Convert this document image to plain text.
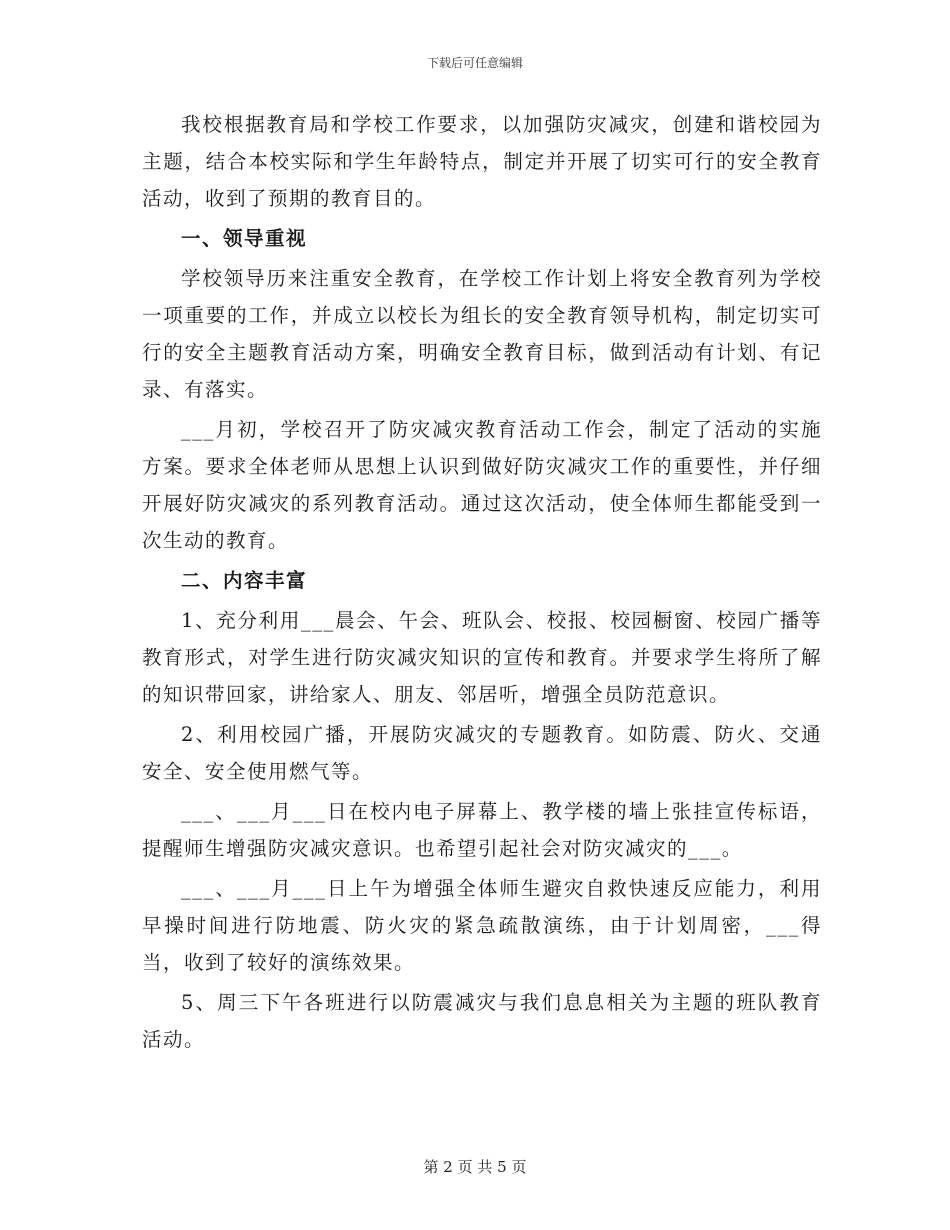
下载后可任意编辑

我校根据教育局和学校工作要求，以加强防灾减灾，创建和谐校园为主题，结合本校实际和学生年龄特点，制定并开展了切实可行的安全教育活动，收到了预期的教育目的。

一、领导重视

学校领导历来注重安全教育，在学校工作计划上将安全教育列为学校一项重要的工作，并成立以校长为组长的安全教育领导机构，制定切实可行的安全主题教育活动方案，明确安全教育目标，做到活动有计划、有记录、有落实。

___月初，学校召开了防灾减灾教育活动工作会，制定了活动的实施方案。要求全体老师从思想上认识到做好防灾减灾工作的重要性，并仔细开展好防灾减灾的系列教育活动。通过这次活动，使全体师生都能受到一次生动的教育。

二、内容丰富

1、充分利用___晨会、午会、班队会、校报、校园橱窗、校园广播等教育形式，对学生进行防灾减灾知识的宣传和教育。并要求学生将所了解的知识带回家，讲给家人、朋友、邻居听，增强全员防范意识。

2、利用校园广播，开展防灾减灾的专题教育。如防震、防火、交通安全、安全使用燃气等。

___、___月___日在校内电子屏幕上、教学楼的墙上张挂宣传标语，提醒师生增强防灾减灾意识。也希望引起社会对防灾减灾的___。

___、___月___日上午为增强全体师生避灾自救快速反应能力，利用早操时间进行防地震、防火灾的紧急疏散演练，由于计划周密，___得当，收到了较好的演练效果。

5、周三下午各班进行以防震减灾与我们息息相关为主题的班队教育活动。

第 2 页 共 5 页
